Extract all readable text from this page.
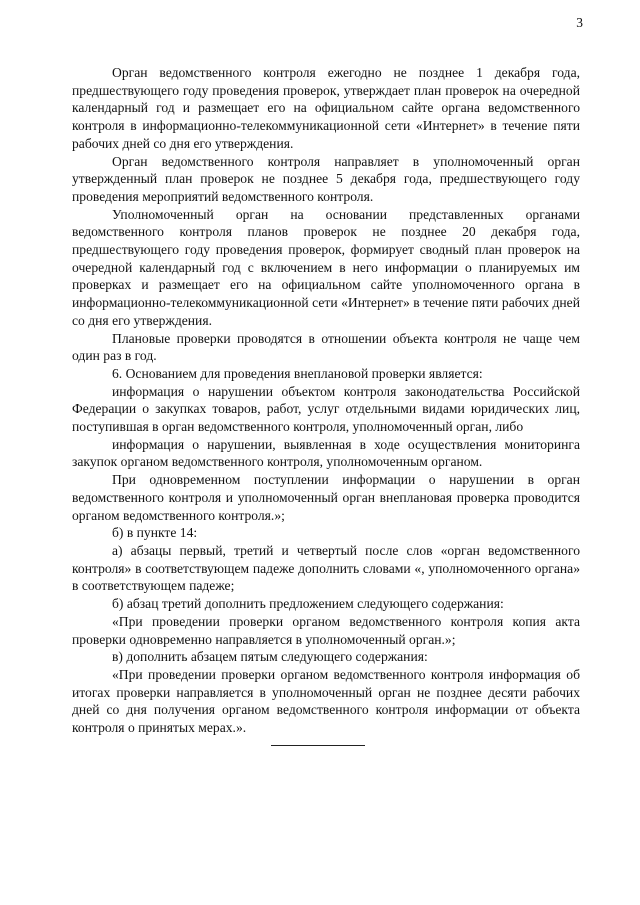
3

Орган ведомственного контроля ежегодно не позднее 1 декабря года, предшествующего году проведения проверок, утверждает план проверок на очередной календарный год и размещает его на официальном сайте органа ведомственного контроля в информационно-телекоммуникационной сети «Интернет» в течение пяти рабочих дней со дня его утверждения.

Орган ведомственного контроля направляет в уполномоченный орган утвержденный план проверок не позднее 5 декабря года, предшествующего году проведения мероприятий ведомственного контроля.

Уполномоченный орган на основании представленных органами ведомственного контроля планов проверок не позднее 20 декабря года, предшествующего году проведения проверок, формирует сводный план проверок на очередной календарный год с включением в него информации о планируемых им проверках и размещает его на официальном сайте уполномоченного органа в информационно-телекоммуникационной сети «Интернет» в течение пяти рабочих дней со дня его утверждения.

Плановые проверки проводятся в отношении объекта контроля не чаще чем один раз в год.

6. Основанием для проведения внеплановой проверки является:

информация о нарушении объектом контроля законодательства Российской Федерации о закупках товаров, работ, услуг отдельными видами юридических лиц, поступившая в орган ведомственного контроля, уполномоченный орган, либо

информация о нарушении, выявленная в ходе осуществления мониторинга закупок органом ведомственного контроля, уполномоченным органом.

При одновременном поступлении информации о нарушении в орган ведомственного контроля и уполномоченный орган внеплановая проверка проводится органом ведомственного контроля.»;

б) в пункте 14:

а) абзацы первый, третий и четвертый после слов «орган ведомственного контроля» в соответствующем падеже дополнить словами «, уполномоченного органа» в соответствующем падеже;

б) абзац третий дополнить предложением следующего содержания:

«При проведении проверки органом ведомственного контроля копия акта проверки одновременно направляется в уполномоченный орган.»;

в) дополнить абзацем пятым следующего содержания:

«При проведении проверки органом ведомственного контроля информация об итогах проверки направляется в уполномоченный орган не позднее десяти рабочих дней со дня получения органом ведомственного контроля информации от объекта контроля о принятых мерах.».
